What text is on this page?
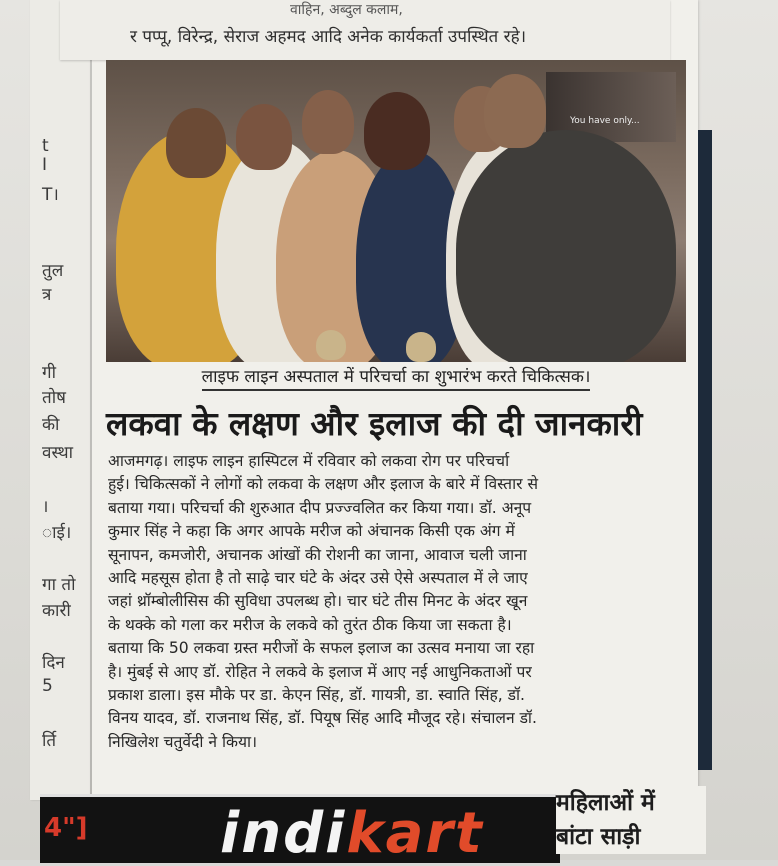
t
I
T।
तुल
त्र
गी
तोष
की
वस्था
।
ाई।
गा तो
कारी
दिन
5
र्ति
वाहिन, अब्दुल कलाम,
र पप्पू, विरेन्द्र, सेराज अहमद आदि अनेक कार्यकर्ता उपस्थित रहे।
You have only...
लाइफ लाइन अस्पताल में परिचर्चा का शुभारंभ करते चिकित्सक।
लकवा के लक्षण और इलाज की दी जानकारी

आजमगढ़। लाइफ लाइन हास्पिटल में रविवार को लकवा रोग पर परिचर्चा

हुई। चिकित्सकों ने लोगों को लकवा के लक्षण और इलाज के बारे में विस्तार से

बताया गया। परिचर्चा की शुरुआत दीप प्रज्ज्वलित कर किया गया। डॉ. अनूप

कुमार सिंह ने कहा कि अगर आपके मरीज को अंचानक किसी एक अंग में

सूनापन, कमजोरी, अचानक आंखों की रोशनी का जाना, आवाज चली जाना

आदि महसूस होता है तो साढ़े चार घंटे के अंदर उसे ऐसे अस्पताल में ले जाए

जहां थ्रॉम्बोलीसिस की सुविधा उपलब्ध हो। चार घंटे तीस मिनट के अंदर खून

के थक्के को गला कर मरीज के लकवे को तुरंत ठीक किया जा सकता है।

बताया कि 50 लकवा ग्रस्त मरीजों के सफल इलाज का उत्सव मनाया जा रहा

है। मुंबई से आए डॉ. रोहित ने लकवे के इलाज में आए नई आधुनिकताओं पर

प्रकाश डाला। इस मौके पर डा. केएन सिंह, डॉ. गायत्री, डा. स्वाति सिंह, डॉ.

विनय यादव, डॉ. राजनाथ सिंह, डॉ. पियूष सिंह आदि मौजूद रहे। संचालन डॉ.

निखिलेश चतुर्वेदी ने किया।

4"] indikart	महिलाओं में
बांटा साड़ी
